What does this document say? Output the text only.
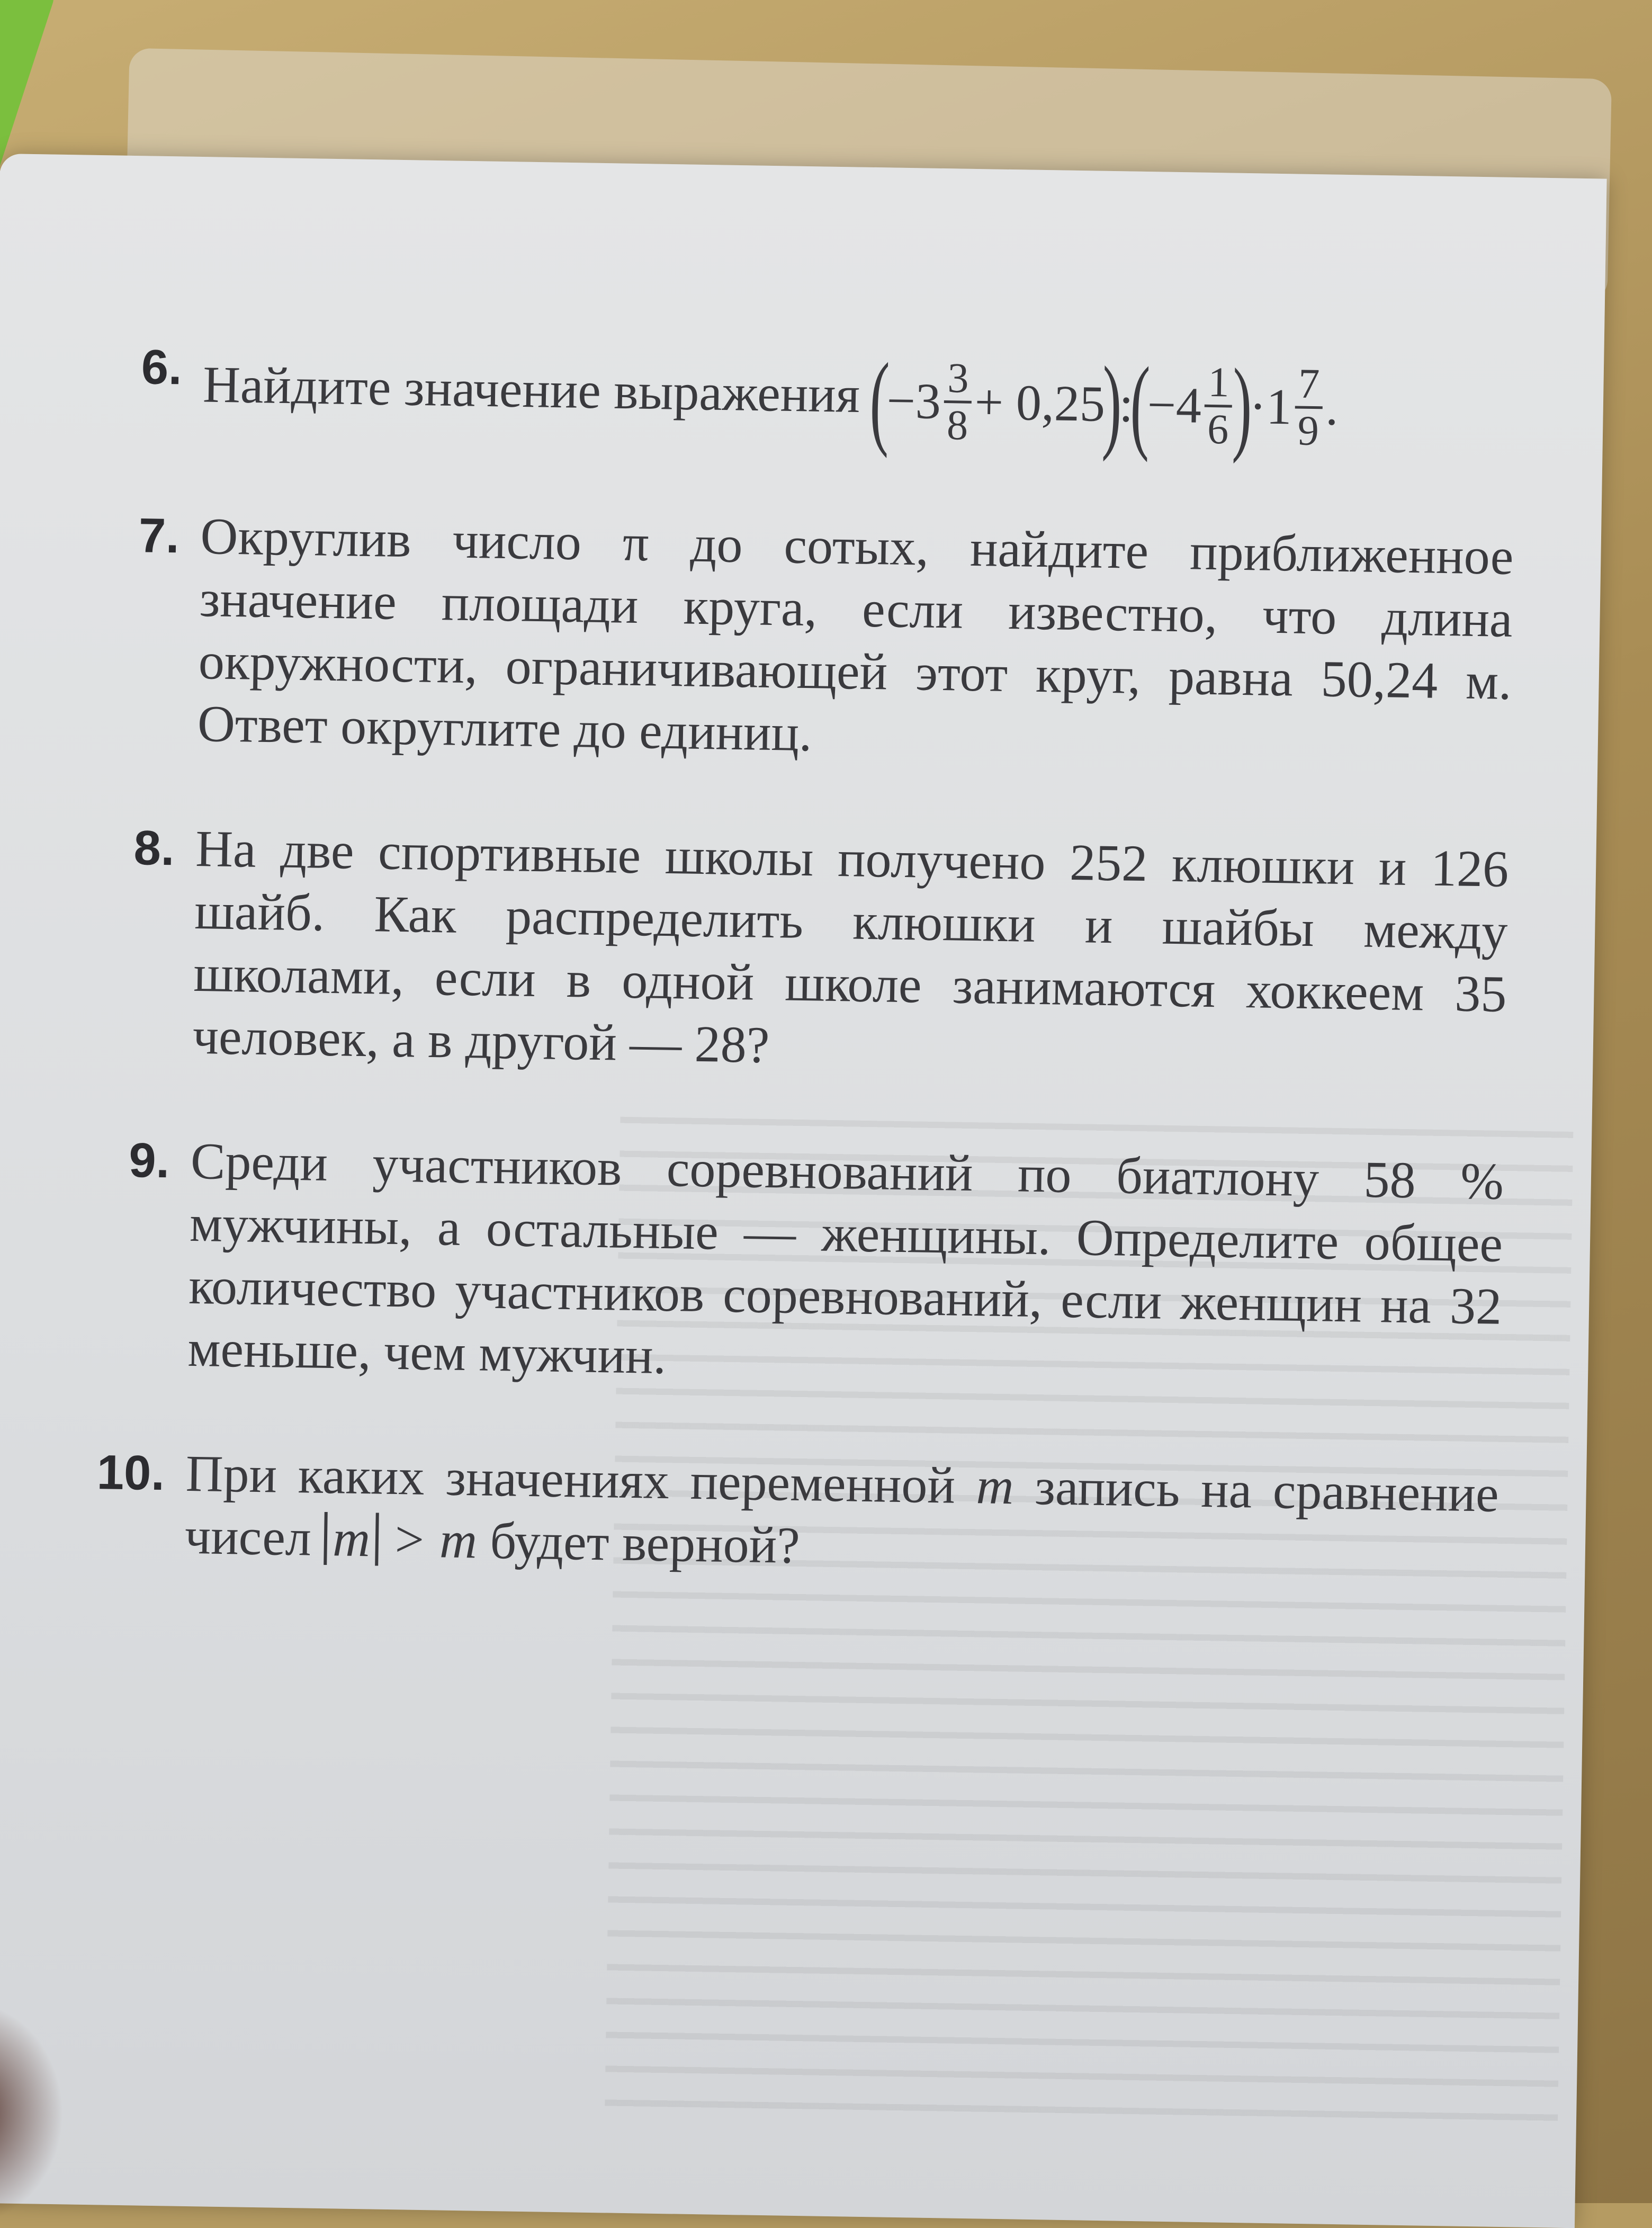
6. Найдите значение выражения (
$-3 \frac{3}{8} + 0,25$
)
:
(
$-4 \frac{1}{6}$
)
·
$1 \frac{7}{9}$ .
7. Округлив число π до сотых, найдите приближенное значение площади круга, если известно, что длина окружности, ограничивающей этот круг, равна 50,24 м. Ответ округлите до единиц.
8. На две спортивные школы получено 252 клюшки и 126 шайб. Как распределить клюшки и шайбы между школами, если в одной школе занимаются хоккеем 35 человек, а в другой — 28?
9. Среди участников соревнований по биатлону 58 % мужчины, а остальные — женщины. Определите общее количество участников соревнований, если женщин на 32 меньше, чем мужчин.
10. При каких значениях переменной m запись на сравнение чисел m > m будет верной?
